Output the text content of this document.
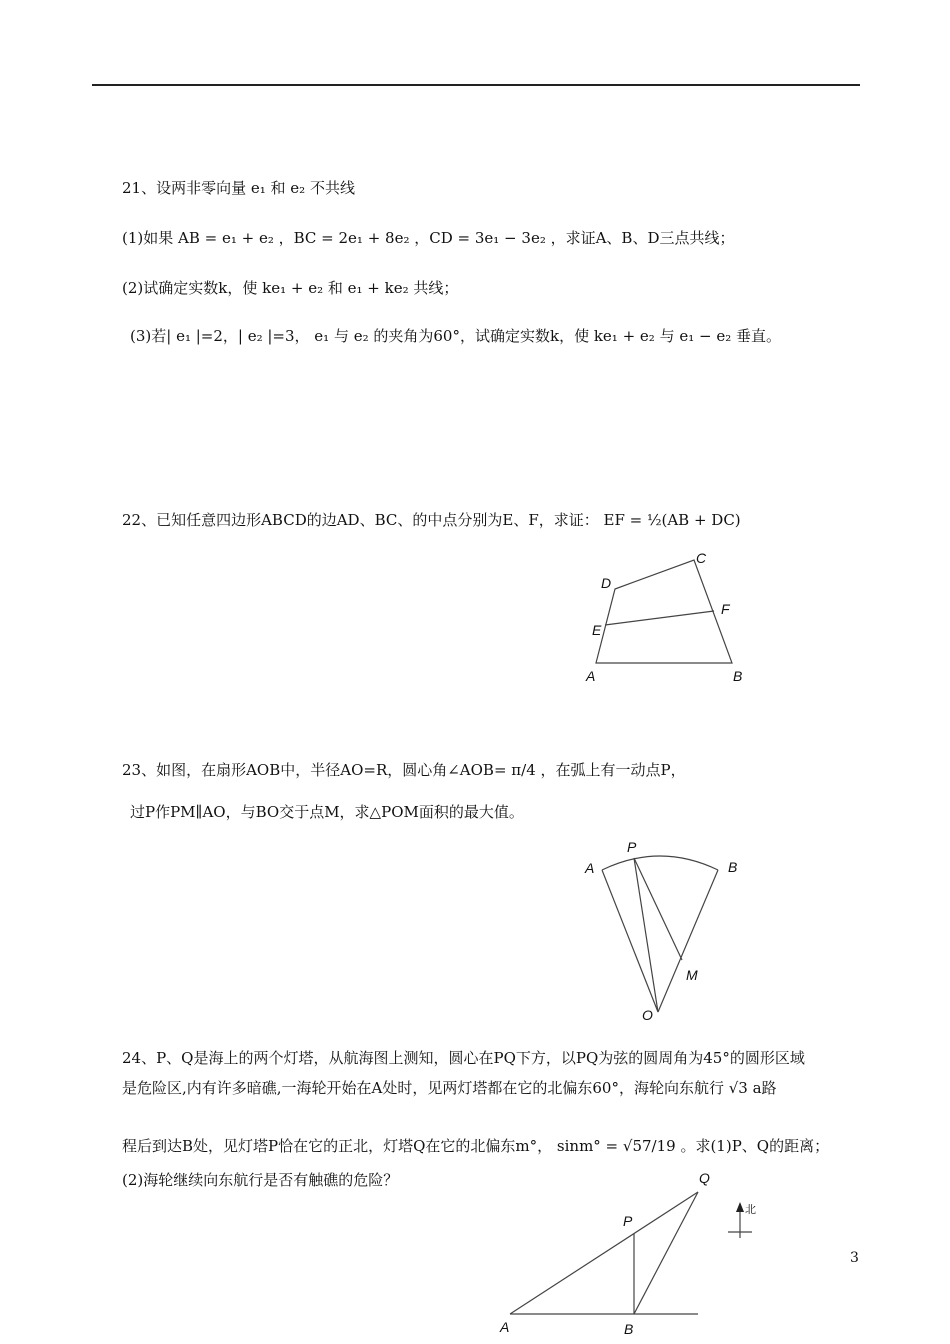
21、设两非零向量 e₁ 和 e₂ 不共线
(1)如果 AB = e₁ + e₂ ，BC = 2e₁ + 8e₂ ，CD = 3e₁ − 3e₂ ，求证A、B、D三点共线；
(2)试确定实数k，使 ke₁ + e₂ 和 e₁ + ke₂ 共线；
(3)若| e₁ |=2，| e₂ |=3， e₁ 与 e₂ 的夹角为60°，试确定实数k，使 ke₁ + e₂ 与 e₁ − e₂ 垂直。
22、已知任意四边形ABCD的边AD、BC、的中点分别为E、F，求证： EF = ½(AB + DC)
A	B
C
D
E
F
23、如图，在扇形AOB中，半径AO=R，圆心角∠AOB= π/4 ，在弧上有一动点P，
过P作PM∥AO，与BO交于点M，求△POM面积的最大值。
A	B
P
M
O
24、P、Q是海上的两个灯塔，从航海图上测知，圆心在PQ下方，以PQ为弦的圆周角为45°的圆形区域
是危险区,内有许多暗礁,一海轮开始在A处时，见两灯塔都在它的北偏东60°，海轮向东航行 √3 a路
程后到达B处，见灯塔P恰在它的正北，灯塔Q在它的北偏东m°， sinm° = √57/19 。求(1)P、Q的距离；
(2)海轮继续向东航行是否有触礁的危险？
北
A	B
P
Q
3
